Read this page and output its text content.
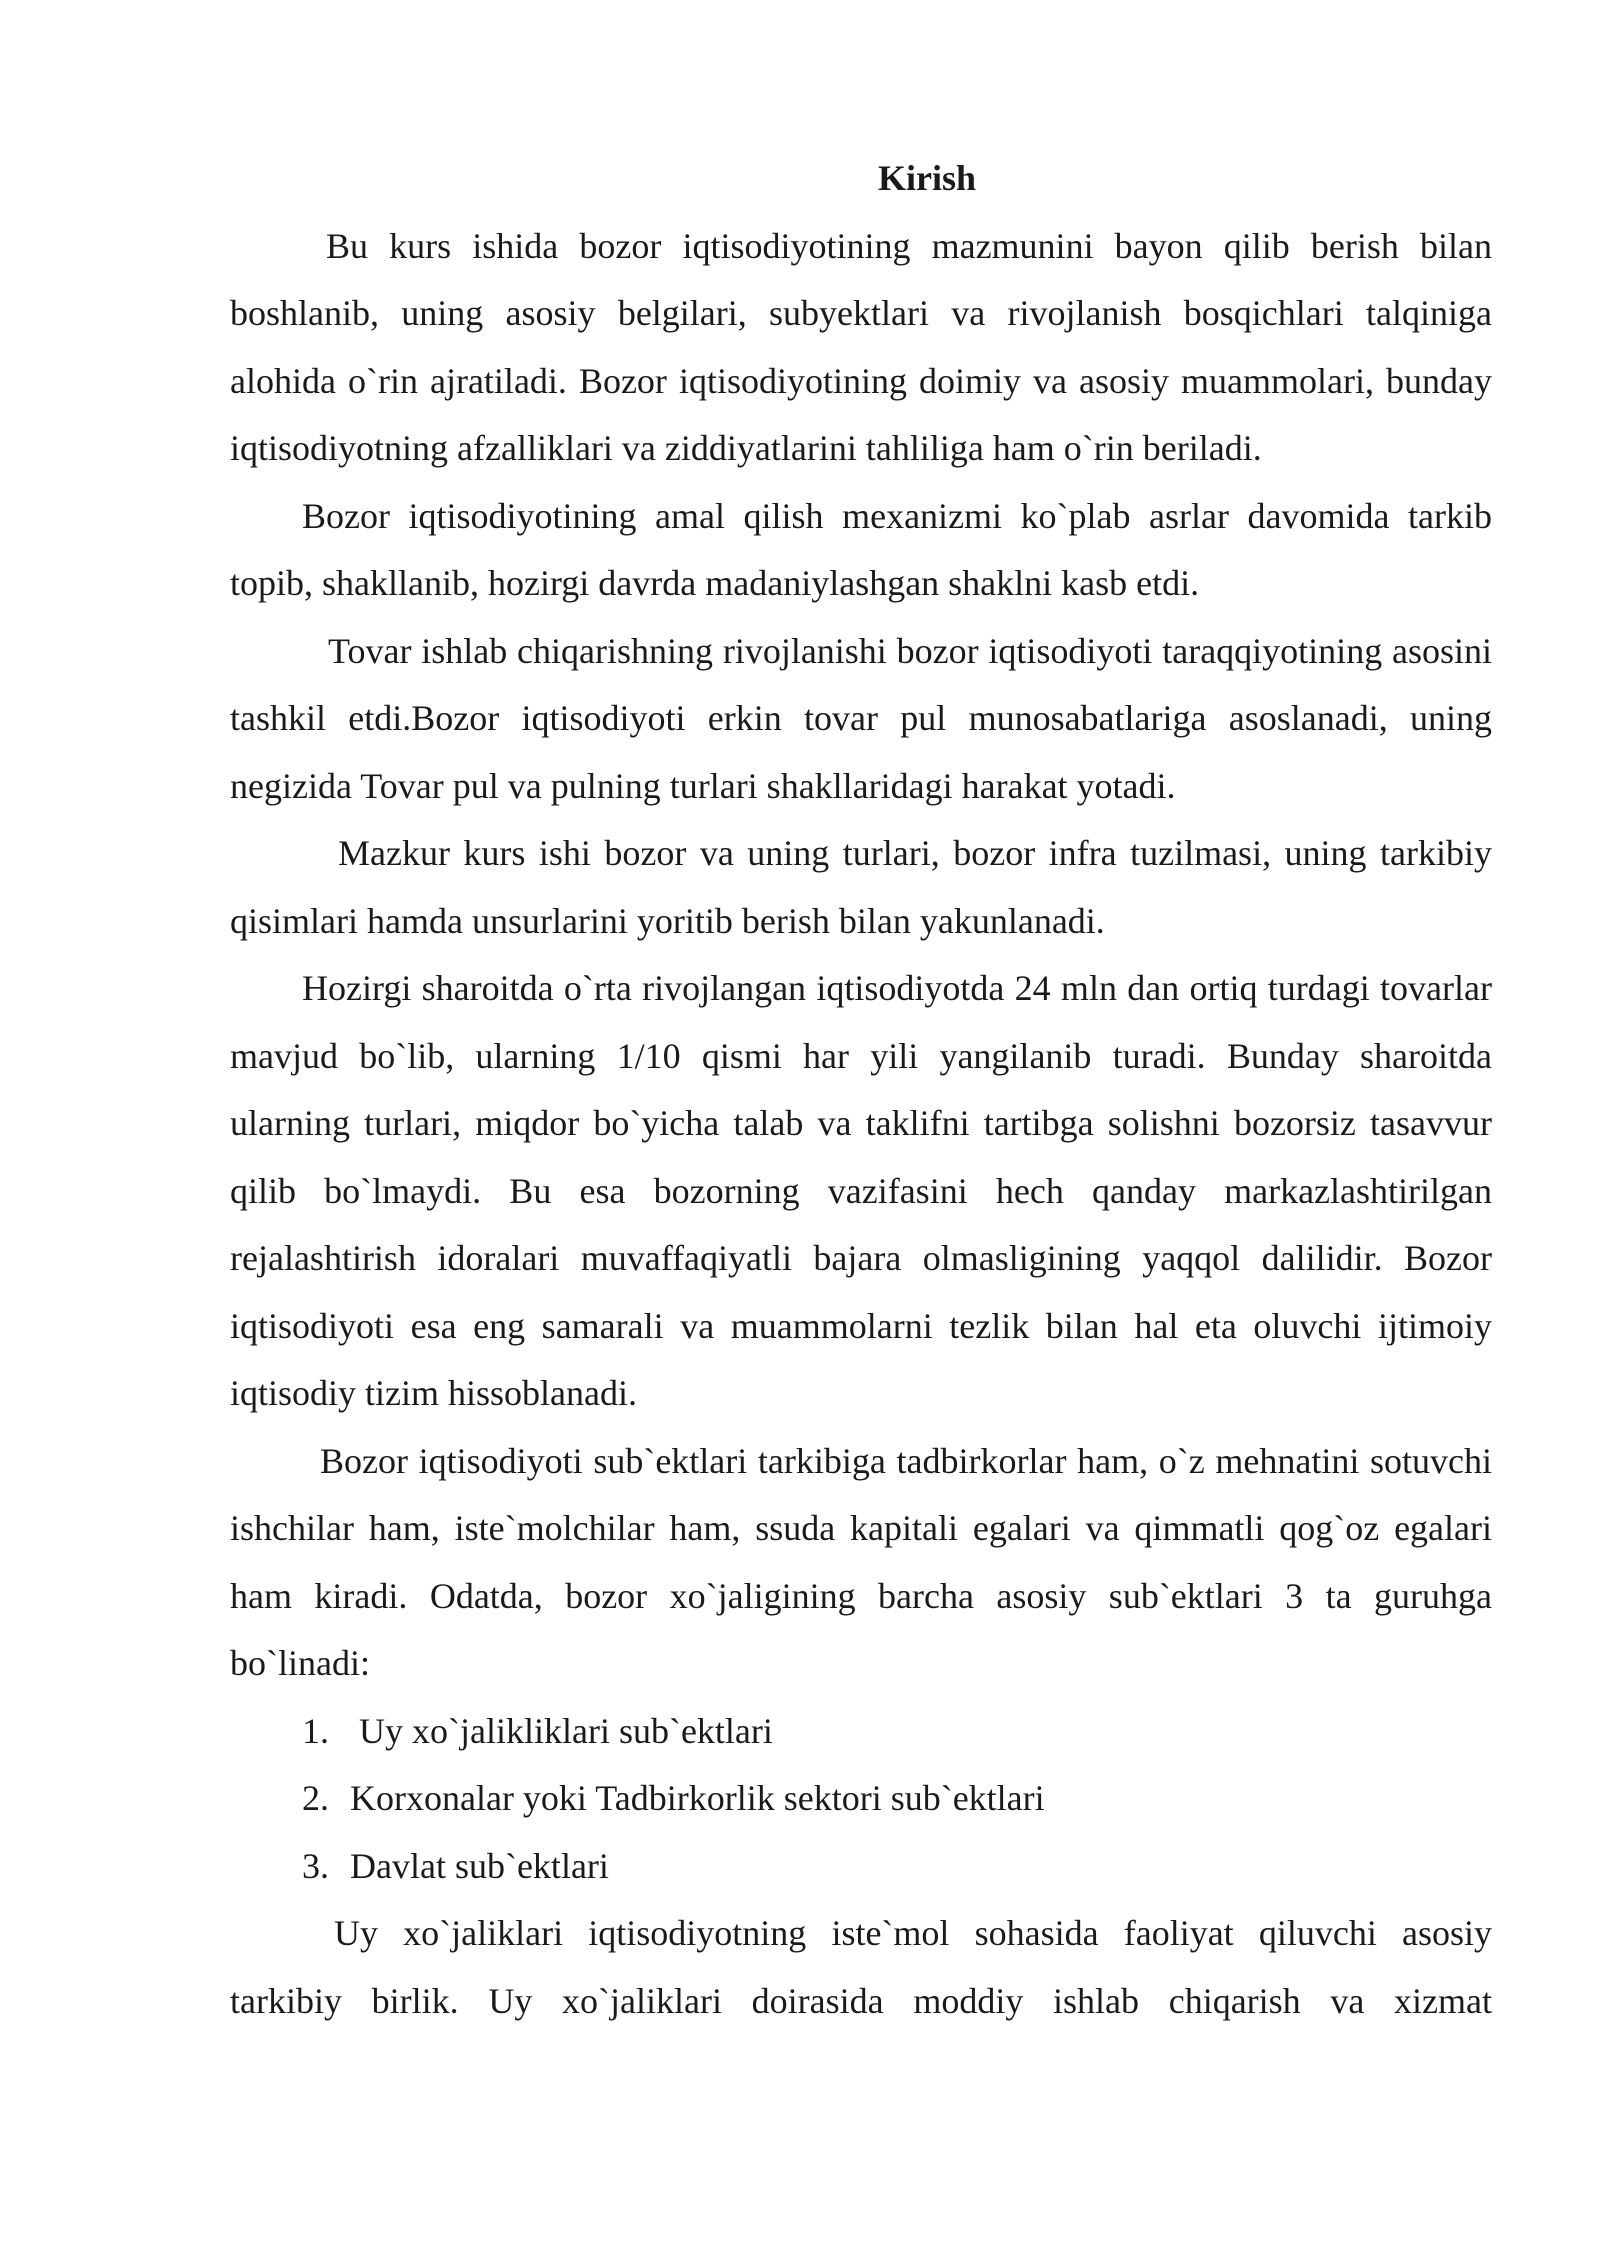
Kirish

Bu kurs ishida bozor iqtisodiyotining mazmunini bayon qilib berish bilan boshlanib, uning asosiy belgilari, subyektlari va rivojlanish bosqichlari talqiniga alohida o`rin ajratiladi. Bozor iqtisodiyotining doimiy va asosiy muammolari, bunday iqtisodiyotning afzalliklari va ziddiyatlarini tahliliga ham o`rin beriladi.

Bozor iqtisodiyotining amal qilish mexanizmi ko`plab asrlar davomida tarkib topib, shakllanib, hozirgi davrda madaniylashgan shaklni kasb etdi.

Tovar ishlab chiqarishning rivojlanishi bozor iqtisodiyoti taraqqiyotining asosini tashkil etdi.Bozor iqtisodiyoti erkin tovar pul munosabatlariga asoslanadi, uning negizida Tovar pul va pulning turlari shakllaridagi harakat yotadi.

Mazkur kurs ishi bozor va uning turlari, bozor infra tuzilmasi, uning tarkibiy qisimlari hamda unsurlarini yoritib berish bilan yakunlanadi.

Hozirgi sharoitda o`rta rivojlangan iqtisodiyotda 24 mln dan ortiq turdagi tovarlar mavjud bo`lib, ularning 1/10 qismi har yili yangilanib turadi. Bunday sharoitda ularning turlari, miqdor bo`yicha talab va taklifni tartibga solishni bozorsiz tasavvur qilib bo`lmaydi. Bu esa bozorning vazifasini hech qanday markazlashtirilgan rejalashtirish idoralari muvaffaqiyatli bajara olmasligining yaqqol dalilidir. Bozor iqtisodiyoti esa eng samarali va muammolarni tezlik bilan hal eta oluvchi ijtimoiy iqtisodiy tizim hissoblanadi.

Bozor iqtisodiyoti sub`ektlari tarkibiga tadbirkorlar ham, o`z mehnatini sotuvchi ishchilar ham, iste`molchilar ham, ssuda kapitali egalari va qimmatli qog`oz egalari ham kiradi. Odatda, bozor xo`jaligining barcha asosiy sub`ektlari 3 ta guruhga bo`linadi:

1. Uy xo`jalikliklari sub`ektlari
2. Korxonalar yoki Tadbirkorlik sektori sub`ektlari
3. Davlat sub`ektlari

Uy xo`jaliklari iqtisodiyotning iste`mol sohasida faoliyat qiluvchi asosiy tarkibiy birlik. Uy xo`jaliklari doirasida moddiy ishlab chiqarish va xizmat
